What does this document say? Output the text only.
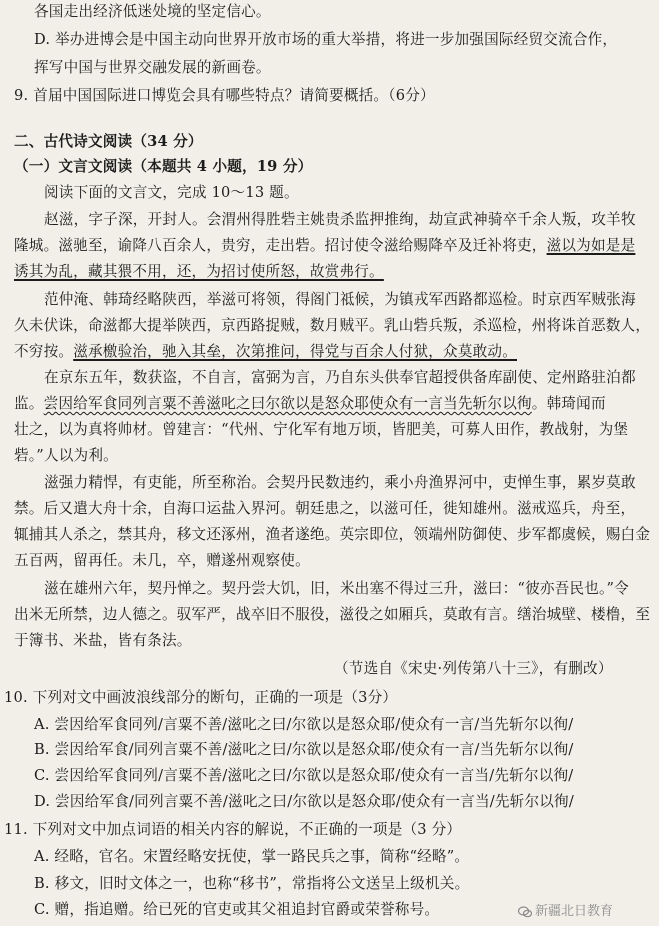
各国走出经济低迷处境的坚定信心。
D. 举办进博会是中国主动向世界开放市场的重大举措，将进一步加强国际经贸交流合作，
挥写中国与世界交融发展的新画卷。
9. 首届中国国际进口博览会具有哪些特点？请简要概括。（6分）
二、古代诗文阅读（34 分）
（一）文言文阅读（本题共 4 小题，19 分）
阅读下面的文言文，完成 10～13 题。
赵滋，字子深，开封人。会渭州得胜砦主姚贵杀监押推绚，劫宣武神骑卒千余人叛，攻羊牧
隆城。滋驰至，谕降八百余人，贵穷，走出砦。招讨使令滋给赐降卒及迁补将吏，滋以为如是是
诱其为乱，藏其猥不用，还，为招讨使所怒，故赏弗行。
范仲淹、韩琦经略陕西，举滋可将领，得阁门祗候，为镇戎军西路都巡检。时京西军贼张海
久未伏诛，命滋都大提举陕西，京西路捉贼，数月贼平。乳山砦兵叛，杀巡检，州将诛首恶数人，
不穷按。滋承檄验治，驰入其垒，次第推问，得党与百余人付狱，众莫敢动。
在京东五年，数获盗，不自言，富弼为言，乃自东头供奉官超授供备库副使、定州路驻泊都
监。尝因给军食同列言粟不善滋叱之曰尔欲以是怒众耶使众有一言当先斩尔以徇。韩琦闻而
壮之，以为真将帅材。曾建言：“代州、宁化军有地万顷，皆肥美，可募人田作，教战射，为堡
砦。”人以为利。
滋强力精悍，有吏能，所至称治。会契丹民数违约，乘小舟渔界河中，吏惮生事，累岁莫敢
禁。后又遣大舟十余，自海口运盐入界河。朝廷患之，以滋可任，徙知雄州。滋戒巡兵，舟至，
辄捕其人杀之，禁其舟，移文还涿州，渔者遂绝。英宗即位，领端州防御使、步军都虞候，赐白金
五百两，留再任。未几，卒，赠遂州观察使。
滋在雄州六年，契丹惮之。契丹尝大饥，旧，米出塞不得过三升，滋曰：“彼亦吾民也。”令
出米无所禁，边人德之。驭军严，战卒旧不服役，滋役之如厢兵，莫敢有言。缮治城壁、楼橹，至
于簿书、米盐，皆有条法。
（节选自《宋史·列传第八十三》，有删改）
10. 下列对文中画波浪线部分的断句，正确的一项是（3分）
A. 尝因给军食同列/言粟不善/滋叱之曰/尔欲以是怒众耶/使众有一言/当先斩尔以徇/
B. 尝因给军食/同列言粟不善/滋叱之曰/尔欲以是怒众耶/使众有一言/当先斩尔以徇/
C. 尝因给军食同列/言粟不善/滋叱之曰/尔欲以是怒众耶/使众有一言当/先斩尔以徇/
D. 尝因给军食/同列言粟不善/滋叱之曰/尔欲以是怒众耶/使众有一言当/先斩尔以徇/
11. 下列对文中加点词语的相关内容的解说，不正确的一项是（3 分）
A. 经略，官名。宋置经略安抚使，掌一路民兵之事，简称“经略”。
B. 移文，旧时文体之一，也称“移书”，常指将公文送呈上级机关。
C. 赠，指追赠。给已死的官吏或其父祖追封官爵或荣誉称号。	新疆北日教育
